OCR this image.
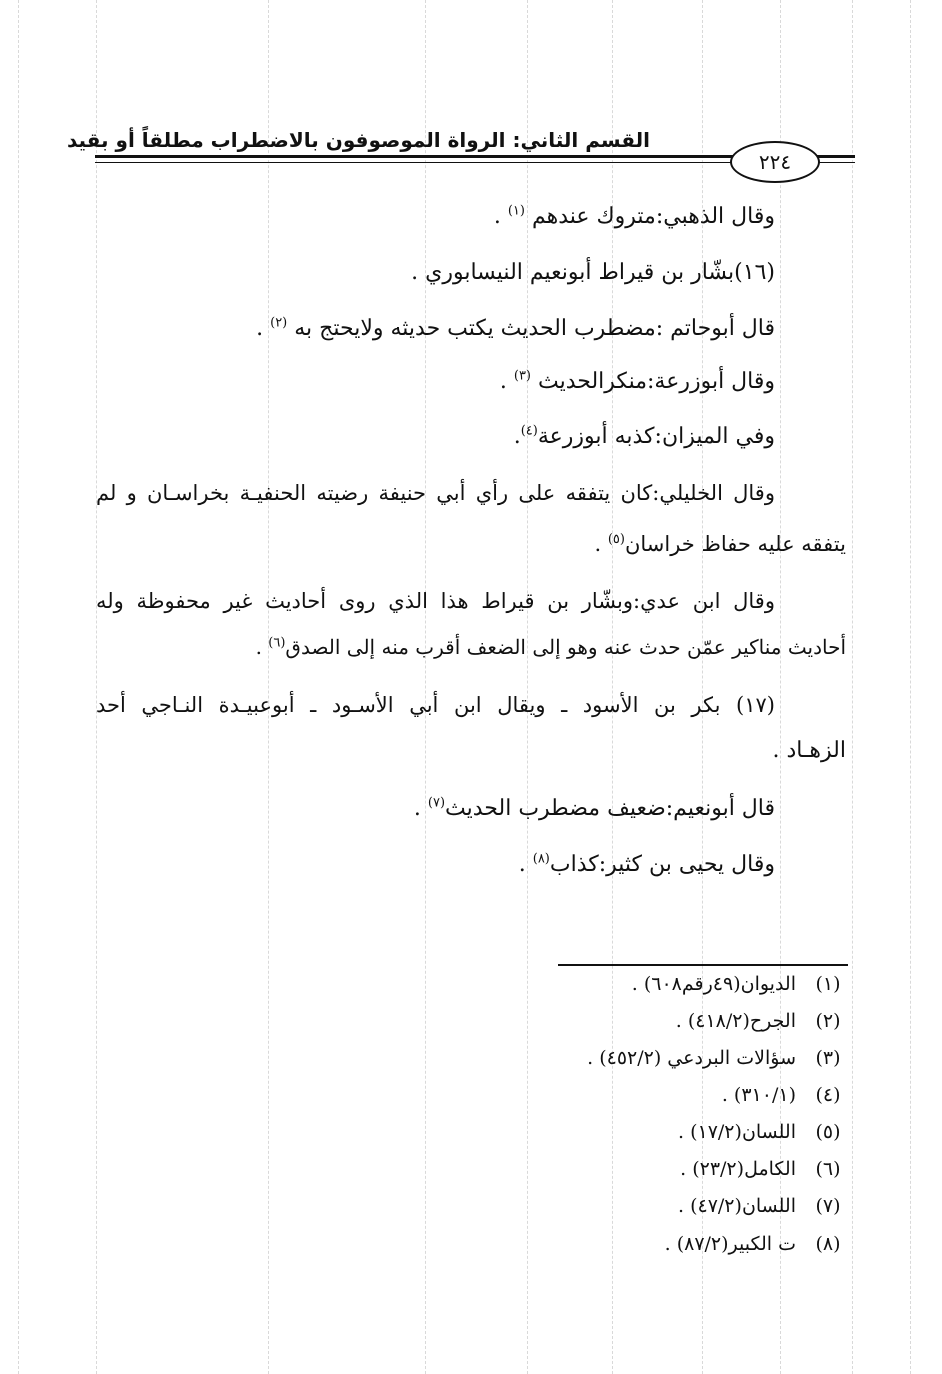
القسم الثاني: الرواة الموصوفون بالاضطراب مطلقاً أو بقيد
٢٢٤
وقال الذهبي:متروك عندهم $^{(١)}$ .
(١٦)بشّار بن قيراط أبونعيم النيسابوري .
قال أبوحاتم :مضطرب الحديث يكتب حديثه ولايحتج به $^{(٢)}$ .
وقال أبوزرعة:منكرالحديث $^{(٣)}$ .
وفي الميزان:كذبه أبوزرعة$^{(٤)}$.
وقال الخليلي:كان يتفقه على رأي أبي حنيفة رضيته الحنفيـة بخراسـان و لم
يتفقه عليه حفاظ خراسان$^{(٥)}$ .
وقال ابن عدي:وبشّار بن قيراط هذا الذي روى أحاديث غير محفوظة وله
أحاديث مناكير عمّن حدث عنه وهو إلى الضعف أقرب منه إلى الصدق$^{(٦)}$ .
(١٧) بكر بن الأسود ـ ويقال ابن أبي الأسـود ـ أبوعبيـدة النـاجي أحد
الزهـاد .
قال أبونعيم:ضعيف مضطرب الحديث$^{(٧)}$ .
وقال يحيى بن كثير:كذاب$^{(٨)}$ .
(١)الديوان(٤٩رقم٦٠٨) .
(٢)الجرح(٤١٨/٢) .
(٣)سؤالات البردعي (٤٥٢/٢) .
(٤)(٣١٠/١) .
(٥)اللسان(١٧/٢) .
(٦)الكامل(٢٣/٢) .
(٧)اللسان(٤٧/٢) .
(٨)ت الكبير(٨٧/٢) .
